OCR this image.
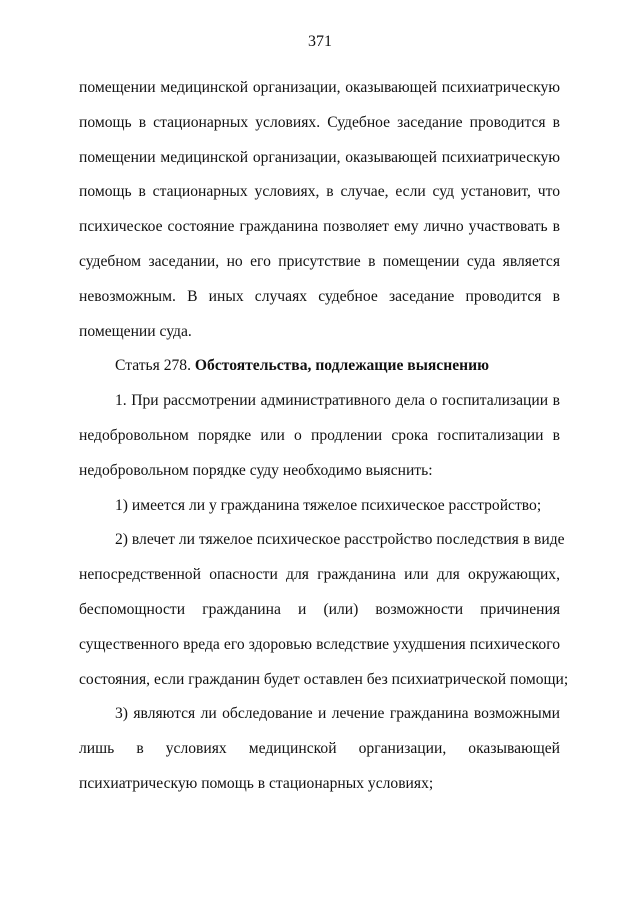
371
помещении медицинской организации, оказывающей психиатрическую
помощь в стационарных условиях. Судебное заседание проводится в
помещении медицинской организации, оказывающей психиатрическую
помощь в стационарных условиях, в случае, если суд установит, что
психическое состояние гражданина позволяет ему лично участвовать в
судебном заседании, но его присутствие в помещении суда является
невозможным. В иных случаях судебное заседание проводится в
помещении суда.
Статья 278. Обстоятельства, подлежащие выяснению
1. При рассмотрении административного дела о госпитализации в
недобровольном порядке или о продлении срока госпитализации в
недобровольном порядке суду необходимо выяснить:
1) имеется ли у гражданина тяжелое психическое расстройство;
2) влечет ли тяжелое психическое расстройство последствия в виде
непосредственной опасности для гражданина или для окружающих,
беспомощности гражданина и (или) возможности причинения
существенного вреда его здоровью вследствие ухудшения психического
состояния, если гражданин будет оставлен без психиатрической помощи;
3) являются ли обследование и лечение гражданина возможными
лишь в условиях медицинской организации, оказывающей
психиатрическую помощь в стационарных условиях;
